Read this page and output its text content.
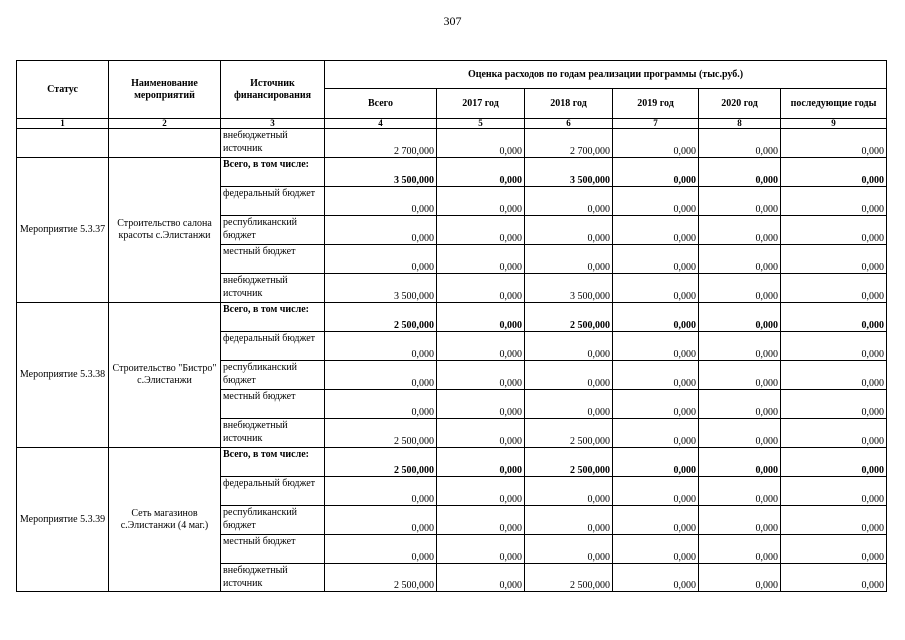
307
Статус	Наименование мероприятий	Источник финансирования	Оценка расходов по годам реализации программы (тыс.руб.)					
			Всего	2017 год	2018 год	2019 год	2020 год	последующие годы
1	2	3	4	5	6	7	8	9
		внебюджетный источник	2 700,000	0,000	2 700,000	0,000	0,000	0,000
Мероприятие 5.3.37	Строительство салона красоты с.Элистанжи	Всего, в том числе:	3 500,000	0,000	3 500,000	0,000	0,000	0,000
		федеральный бюджет	0,000	0,000	0,000	0,000	0,000	0,000
		республиканский бюджет	0,000	0,000	0,000	0,000	0,000	0,000
		местный бюджет	0,000	0,000	0,000	0,000	0,000	0,000
		внебюджетный источник	3 500,000	0,000	3 500,000	0,000	0,000	0,000
Мероприятие 5.3.38	Строительство "Бистро" с.Элистанжи	Всего, в том числе:	2 500,000	0,000	2 500,000	0,000	0,000	0,000
		федеральный бюджет	0,000	0,000	0,000	0,000	0,000	0,000
		республиканский бюджет	0,000	0,000	0,000	0,000	0,000	0,000
		местный бюджет	0,000	0,000	0,000	0,000	0,000	0,000
		внебюджетный источник	2 500,000	0,000	2 500,000	0,000	0,000	0,000
Мероприятие 5.3.39	Сеть магазинов с.Элистанжи (4 маг.)	Всего, в том числе:	2 500,000	0,000	2 500,000	0,000	0,000	0,000
		федеральный бюджет	0,000	0,000	0,000	0,000	0,000	0,000
		республиканский бюджет	0,000	0,000	0,000	0,000	0,000	0,000
		местный бюджет	0,000	0,000	0,000	0,000	0,000	0,000
		внебюджетный источник	2 500,000	0,000	2 500,000	0,000	0,000	0,000
